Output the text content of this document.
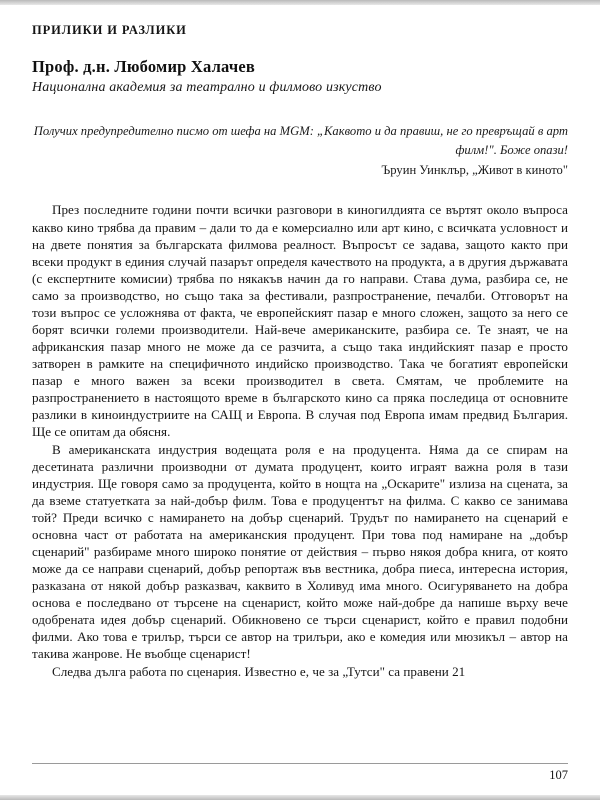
ПРИЛИКИ И РАЗЛИКИ
Проф. д.н. Любомир Халачев
Национална академия за театрално и филмово изкуство
Получих предупредително писмо от шефа на MGM: „Каквото и да правиш, не го превръщай в арт филм!". Боже опази!
Ъруин Уинклър, „Живот в киното"

През последните години почти всички разговори в киногилдията се въртят около въпроса какво кино трябва да правим – дали то да е комерсиално или арт кино, с всичката условност и на двете понятия за българската филмова реалност. Въпросът се задава, защото както при всеки продукт в единия случай пазарът определя качеството на продукта, а в другия държавата (с експертните комисии) трябва по някакъв начин да го направи. Става дума, разбира се, не само за производство, но също така за фестивали, разпространение, печалби. Отговорът на този въпрос се усложнява от факта, че европейският пазар е много сложен, защото за него се борят всички големи производители. Най-вече американските, разбира се. Те знаят, че на африканския пазар много не може да се разчита, а също така индийският пазар е просто затворен в рамките на специфичното индийско производство. Така че богатият европейски пазар е много важен за всеки производител в света. Смятам, че проблемите на разпространението в настоящото време в българското кино са пряка последица от основните разлики в киноиндустриите на САЩ и Европа. В случая под Европа имам предвид България. Ще се опитам да обясня.

В американската индустрия водещата роля е на продуцента. Няма да се спирам на десетината различни производни от думата продуцент, които играят важна роля в тази индустрия. Ще говоря само за продуцента, който в нощта на „Оскарите" излиза на сцената, за да вземе статуетката за най-добър филм. Това е продуцентът на филма. С какво се занимава той? Преди всичко с намирането на добър сценарий. Трудът по намирането на сценарий е основна част от работата на американския продуцент. При това под намиране на „добър сценарий" разбираме много широко понятие от действия – първо някоя добра книга, от която може да се направи сценарий, добър репортаж във вестника, добра пиеса, интересна история, разказана от някой добър разказвач, каквито в Холивуд има много. Осигуряването на добра основа е последвано от търсене на сценарист, който може най-добре да напише върху вече одобрената идея добър сценарий. Обикновено се търси сценарист, който е правил подобни филми. Ако това е трилър, търси се автор на трилъри, ако е комедия или мюзикъл – автор на такива жанрове. Не въобще сценарист!

Следва дълга работа по сценария. Известно е, че за „Тутси" са правени 21

107
